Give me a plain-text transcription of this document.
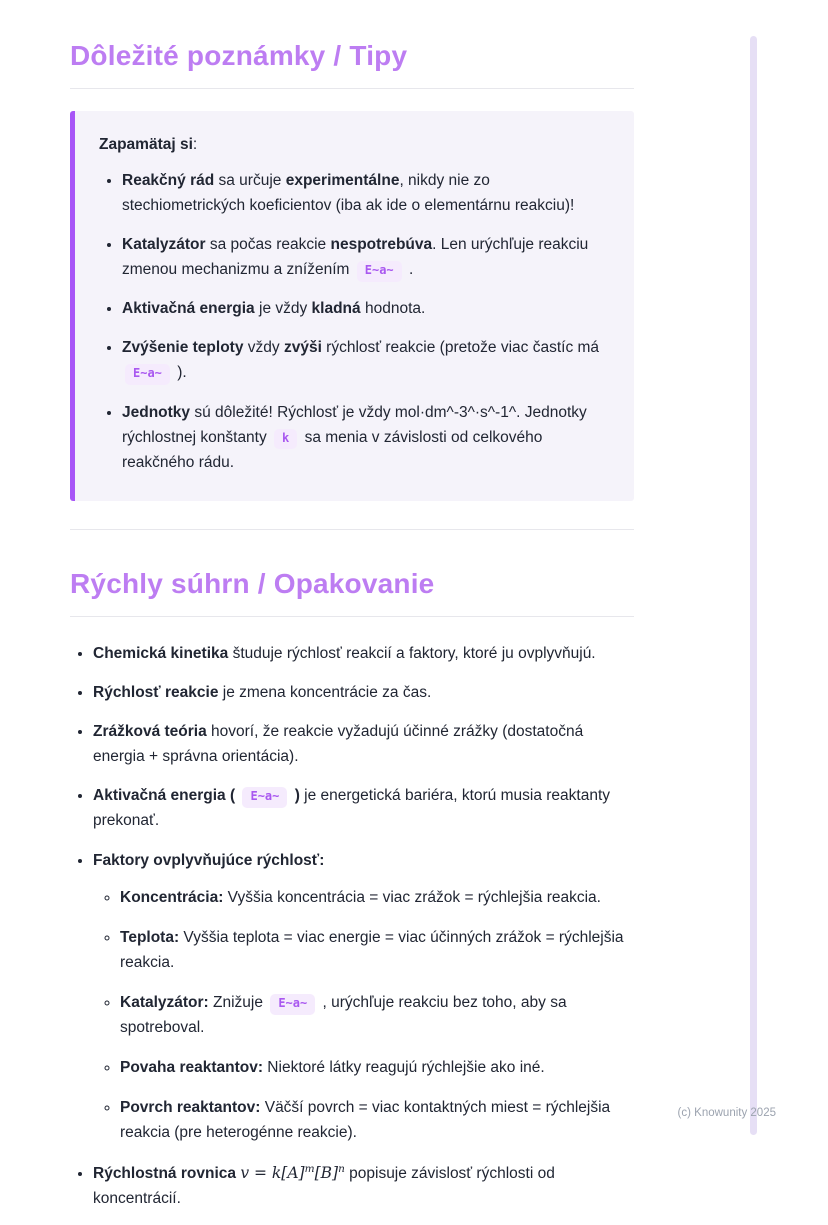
Dôležité poznámky / Tipy

Zapamätaj si:

• Reakčný rád sa určuje experimentálne, nikdy nie zo stechiometrických koeficientov (iba ak ide o elementárnu reakciu)!
• Katalyzátor sa počas reakcie nespotrebúva. Len urýchľuje reakciu zmenou mechanizmu a znížením E~a~ .
• Aktivačná energia je vždy kladná hodnota.
• Zvýšenie teploty vždy zvýši rýchlosť reakcie (pretože viac častíc má E~a~ ).
• Jednotky sú dôležité! Rýchlosť je vždy mol·dm^-3^·s^-1^. Jednotky rýchlostnej konštanty k sa menia v závislosti od celkového reakčného rádu.
Rýchly súhrn / Opakovanie
• Chemická kinetika študuje rýchlosť reakcií a faktory, ktoré ju ovplyvňujú.
• Rýchlosť reakcie je zmena koncentrácie za čas.
• Zrážková teória hovorí, že reakcie vyžadujú účinné zrážky (dostatočná energia + správna orientácia).
• Aktivačná energia ( E~a~ ) je energetická bariéra, ktorú musia reaktanty prekonať.
• Faktory ovplyvňujúce rýchlosť:
◦ Koncentrácia: Vyššia koncentrácia = viac zrážok = rýchlejšia reakcia.
◦ Teplota: Vyššia teplota = viac energie = viac účinných zrážok = rýchlejšia reakcia.
◦ Katalyzátor: Znižuje E~a~ , urýchľuje reakciu bez toho, aby sa spotreboval.
◦ Povaha reaktantov: Niektoré látky reagujú rýchlejšie ako iné.
◦ Povrch reaktantov: Väčší povrch = viac kontaktných miest = rýchlejšia reakcia (pre heterogénne reakcie).
• Rýchlostná rovnica $v = k[A]^m[B]^n$ popisuje závislosť rýchlosti od koncentrácií.
(c) Knowunity 2025
